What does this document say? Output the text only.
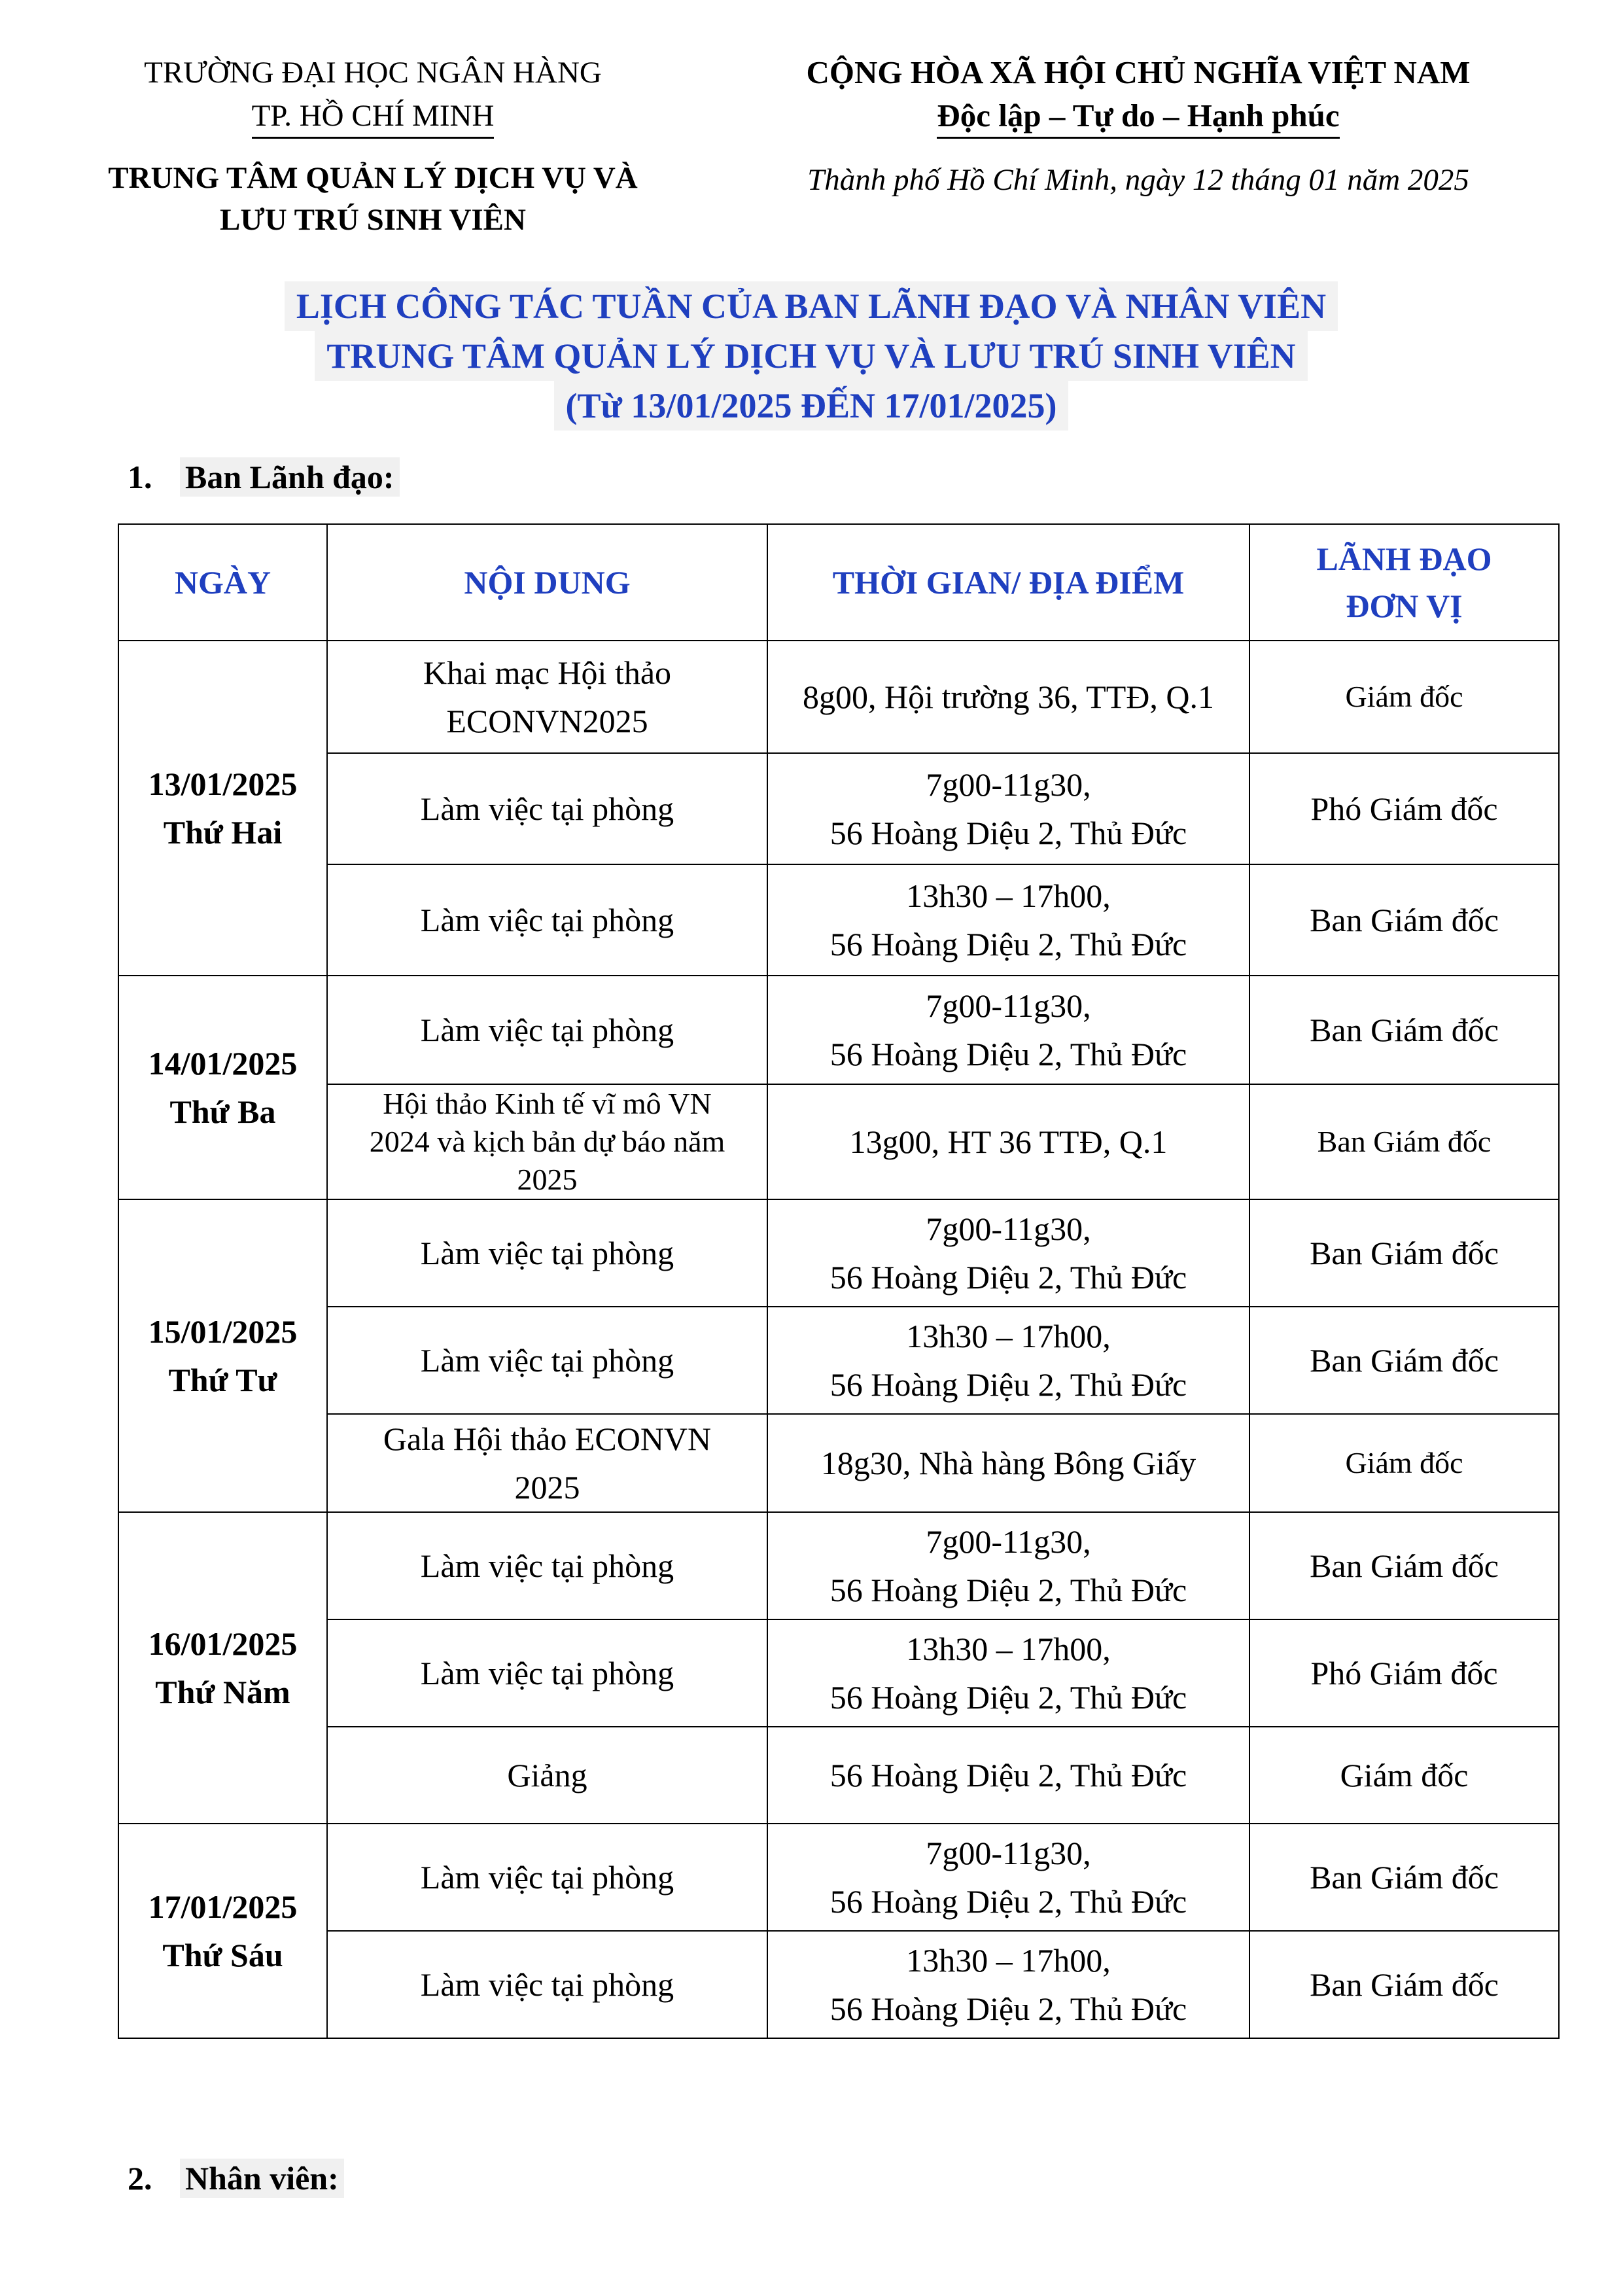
TRƯỜNG ĐẠI HỌC NGÂN HÀNG
TP. HỒ CHÍ MINH
TRUNG TÂM QUẢN LÝ DỊCH VỤ VÀ
LƯU TRÚ SINH VIÊN
CỘNG HÒA XÃ HỘI CHỦ NGHĨA VIỆT NAM
Độc lập – Tự do – Hạnh phúc
Thành phố Hồ Chí Minh, ngày 12 tháng 01 năm 2025
LỊCH CÔNG TÁC TUẦN CỦA BAN LÃNH ĐẠO VÀ NHÂN VIÊN
TRUNG TÂM QUẢN LÝ DỊCH VỤ VÀ LƯU TRÚ SINH VIÊN
(Từ 13/01/2025 ĐẾN 17/01/2025)
1. Ban Lãnh đạo:
NGÀY	NỘI DUNG	THỜI GIAN/ ĐỊA ĐIỂM	LÃNH ĐẠO
ĐƠN VỊ

13/01/2025
Thứ Hai	Khai mạc Hội thảo
ECONVN2025	8g00, Hội trường 36, TTĐ, Q.1	Giám đốc

	Làm việc tại phòng	7g00-11g30,
56 Hoàng Diệu 2, Thủ Đức	Phó Giám đốc

	Làm việc tại phòng	13h30 – 17h00,
56 Hoàng Diệu 2, Thủ Đức	Ban Giám đốc

14/01/2025
Thứ Ba	Làm việc tại phòng	7g00-11g30,
56 Hoàng Diệu 2, Thủ Đức	Ban Giám đốc

	Hội thảo Kinh tế vĩ mô VN
2024 và kịch bản dự báo năm
2025	13g00, HT 36 TTĐ, Q.1	Ban Giám đốc

15/01/2025
Thứ Tư	Làm việc tại phòng	7g00-11g30,
56 Hoàng Diệu 2, Thủ Đức	Ban Giám đốc

	Làm việc tại phòng	13h30 – 17h00,
56 Hoàng Diệu 2, Thủ Đức	Ban Giám đốc

	Gala Hội thảo ECONVN
2025	18g30, Nhà hàng Bông Giấy	Giám đốc

16/01/2025
Thứ Năm	Làm việc tại phòng	7g00-11g30,
56 Hoàng Diệu 2, Thủ Đức	Ban Giám đốc

	Làm việc tại phòng	13h30 – 17h00,
56 Hoàng Diệu 2, Thủ Đức	Phó Giám đốc

	Giảng	56 Hoàng Diệu 2, Thủ Đức	Giám đốc

17/01/2025
Thứ Sáu	Làm việc tại phòng	7g00-11g30,
56 Hoàng Diệu 2, Thủ Đức	Ban Giám đốc

	Làm việc tại phòng	13h30 – 17h00,
56 Hoàng Diệu 2, Thủ Đức	Ban Giám đốc
2. Nhân viên:
